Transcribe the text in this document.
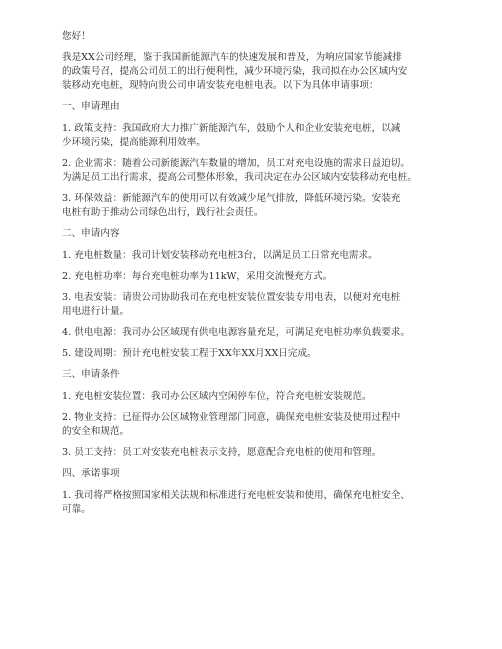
您好！

我是XX公司经理，鉴于我国新能源汽车的快速发展和普及，为响应国家节能减排
的政策号召，提高公司员工的出行便利性，减少环境污染，我司拟在办公区域内安
装移动充电桩，现特向贵公司申请安装充电桩电表。以下为具体申请事项：

一、申请理由

1. 政策支持：我国政府大力推广新能源汽车，鼓励个人和企业安装充电桩，以减
少环境污染，提高能源利用效率。

2. 企业需求：随着公司新能源汽车数量的增加，员工对充电设施的需求日益迫切。
为满足员工出行需求，提高公司整体形象，我司决定在办公区域内安装移动充电桩。

3. 环保效益：新能源汽车的使用可以有效减少尾气排放，降低环境污染。安装充
电桩有助于推动公司绿色出行，践行社会责任。

二、申请内容

1. 充电桩数量：我司计划安装移动充电桩3台，以满足员工日常充电需求。

2. 充电桩功率：每台充电桩功率为11kW，采用交流慢充方式。

3. 电表安装：请贵公司协助我司在充电桩安装位置安装专用电表，以便对充电桩
用电进行计量。

4. 供电电源：我司办公区域现有供电电源容量充足，可满足充电桩功率负载要求。

5. 建设周期：预计充电桩安装工程于XX年XX月XX日完成。

三、申请条件

1. 充电桩安装位置：我司办公区域内空闲停车位，符合充电桩安装规范。

2. 物业支持：已征得办公区域物业管理部门同意，确保充电桩安装及使用过程中
的安全和规范。

3. 员工支持：员工对安装充电桩表示支持，愿意配合充电桩的使用和管理。

四、承诺事项

1. 我司将严格按照国家相关法规和标准进行充电桩安装和使用，确保充电桩安全、
可靠。
